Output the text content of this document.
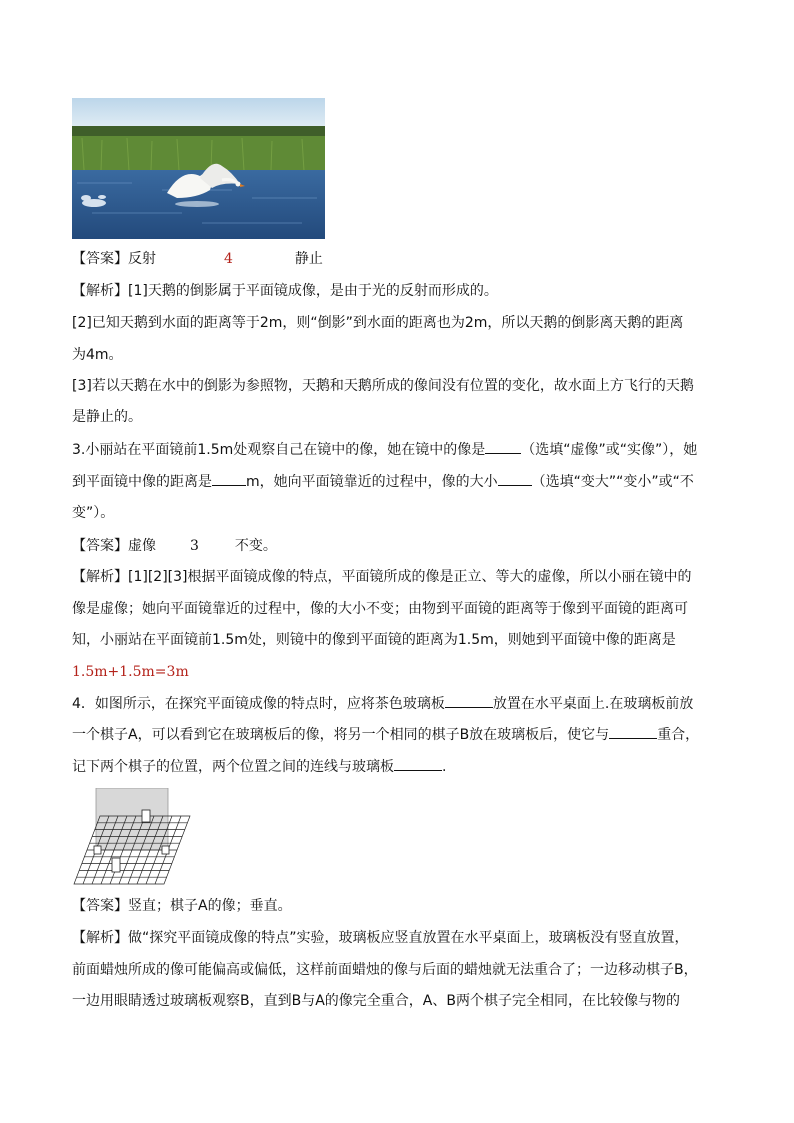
【答案】反射	4	静止
【解析】[1]天鹅的倒影属于平面镜成像，是由于光的反射而形成的。
[2]已知天鹅到水面的距离等于2m，则“倒影”到水面的距离也为2m，所以天鹅的倒影离天鹅的距离
为4m。
[3]若以天鹅在水中的倒影为参照物，天鹅和天鹅所成的像间没有位置的变化，故水面上方飞行的天鹅
是静止的。
3.小丽站在平面镜前1.5m处观察自己在镜中的像，她在镜中的像是	（选填“虚像”或“实像”），她
到平面镜中像的距离是 m，她向平面镜靠近的过程中，像的大小 （选填“变大”“变小”或“不
变”）。
【答案】虚像 3	不变。
【解析】[1][2][3]根据平面镜成像的特点，平面镜所成的像是正立、等大的虚像，所以小丽在镜中的
像是虚像；她向平面镜靠近的过程中，像的大小不变；由物到平面镜的距离等于像到平面镜的距离可
知，小丽站在平面镜前1.5m处，则镜中的像到平面镜的距离为1.5m，则她到平面镜中像的距离是
1.5m+1.5m=3m
4．如图所示，在探究平面镜成像的特点时，应将茶色玻璃板	放置在水平桌面上.在玻璃板前放
一个棋子A，可以看到它在玻璃板后的像，将另一个相同的棋子B放在玻璃板后，使它与	重合，
记下两个棋子的位置，两个位置之间的连线与玻璃板	.
【答案】竖直；棋子A的像；垂直。
【解析】做“探究平面镜成像的特点”实验，玻璃板应竖直放置在水平桌面上，玻璃板没有竖直放置，
前面蜡烛所成的像可能偏高或偏低，这样前面蜡烛的像与后面的蜡烛就无法重合了；一边移动棋子B，
一边用眼睛透过玻璃板观察B，直到B与A的像完全重合，A、B两个棋子完全相同，在比较像与物的
